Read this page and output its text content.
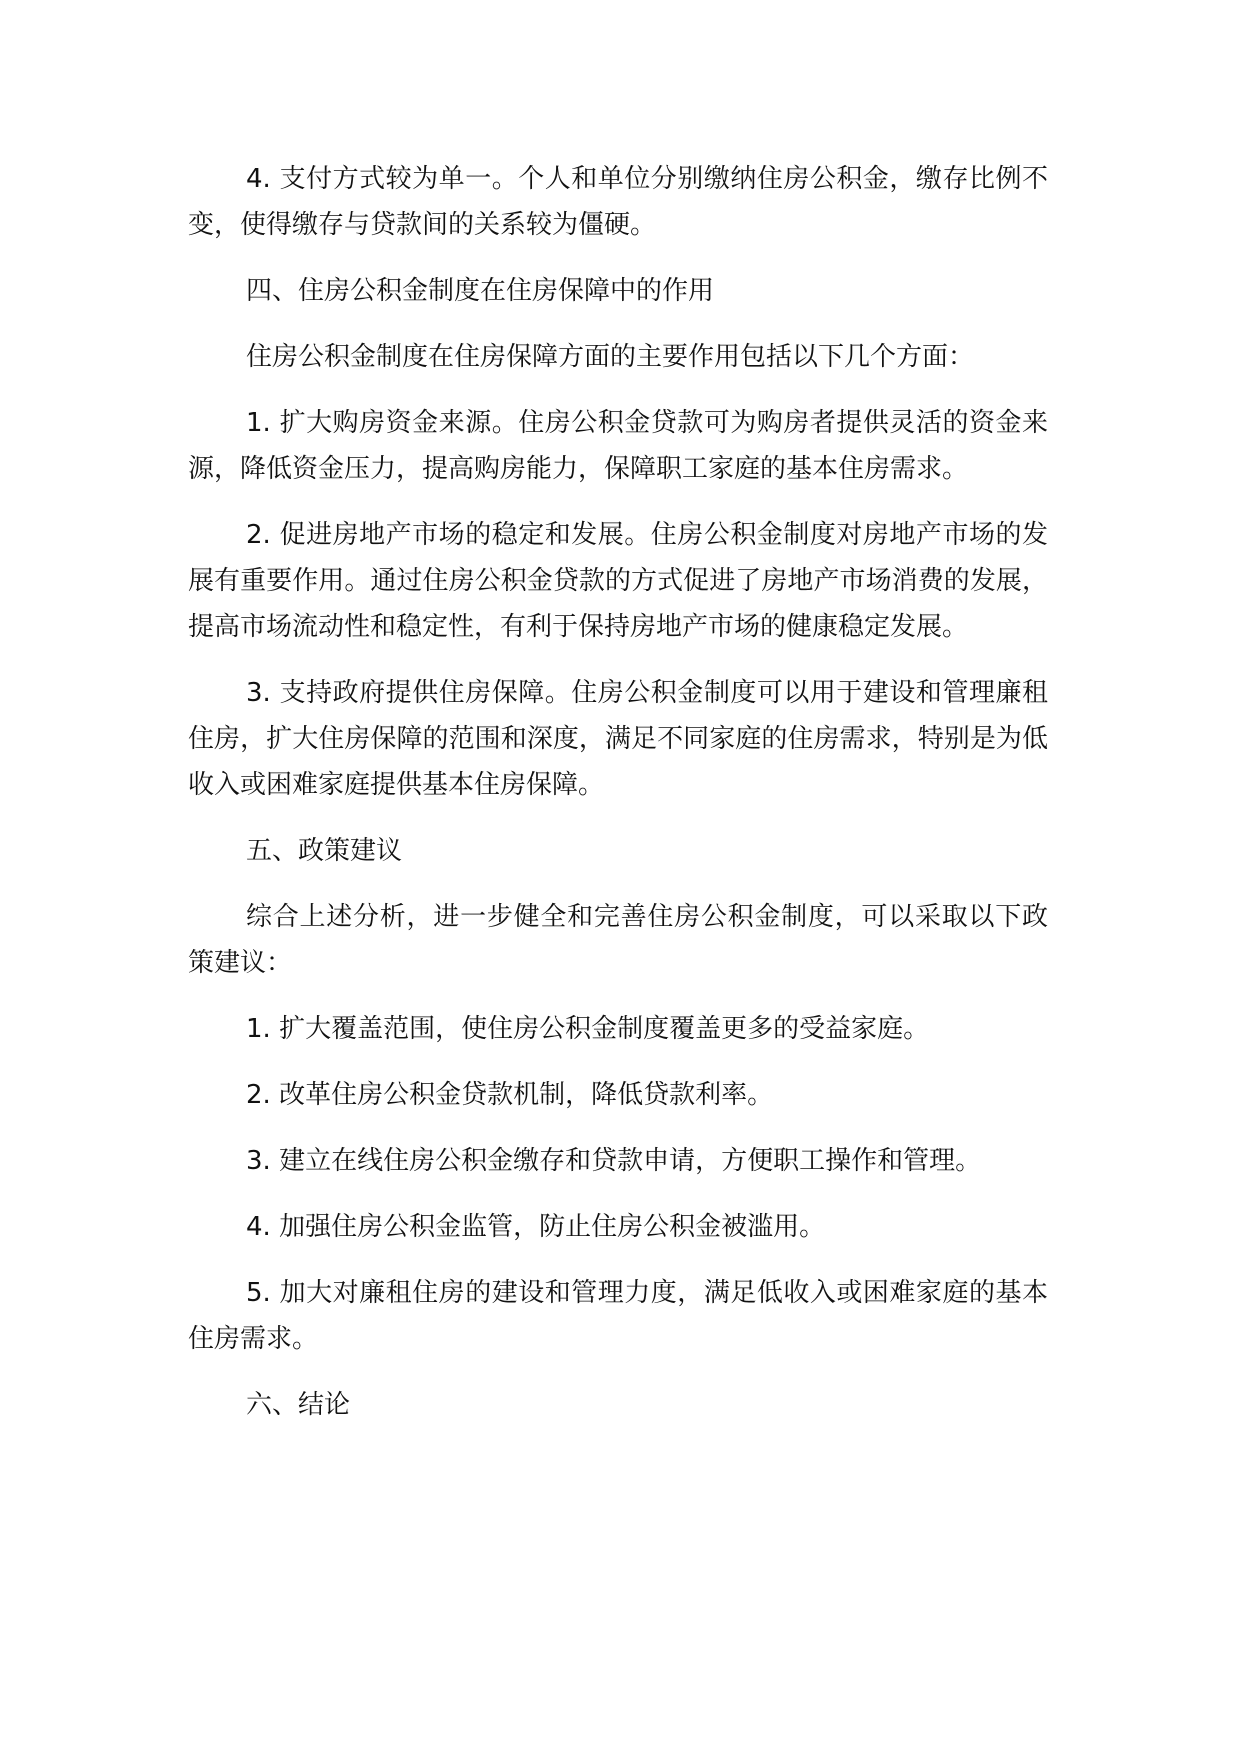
4. 支付方式较为单一。个人和单位分别缴纳住房公积金，缴存比例不变，使得缴存与贷款间的关系较为僵硬。

四、住房公积金制度在住房保障中的作用

住房公积金制度在住房保障方面的主要作用包括以下几个方面：

1. 扩大购房资金来源。住房公积金贷款可为购房者提供灵活的资金来源，降低资金压力，提高购房能力，保障职工家庭的基本住房需求。

2. 促进房地产市场的稳定和发展。住房公积金制度对房地产市场的发展有重要作用。通过住房公积金贷款的方式促进了房地产市场消费的发展，提高市场流动性和稳定性，有利于保持房地产市场的健康稳定发展。

3. 支持政府提供住房保障。住房公积金制度可以用于建设和管理廉租住房，扩大住房保障的范围和深度，满足不同家庭的住房需求，特别是为低收入或困难家庭提供基本住房保障。

五、政策建议

综合上述分析，进一步健全和完善住房公积金制度，可以采取以下政策建议：

1. 扩大覆盖范围，使住房公积金制度覆盖更多的受益家庭。

2. 改革住房公积金贷款机制，降低贷款利率。

3. 建立在线住房公积金缴存和贷款申请，方便职工操作和管理。

4. 加强住房公积金监管，防止住房公积金被滥用。

5. 加大对廉租住房的建设和管理力度，满足低收入或困难家庭的基本住房需求。

六、结论
